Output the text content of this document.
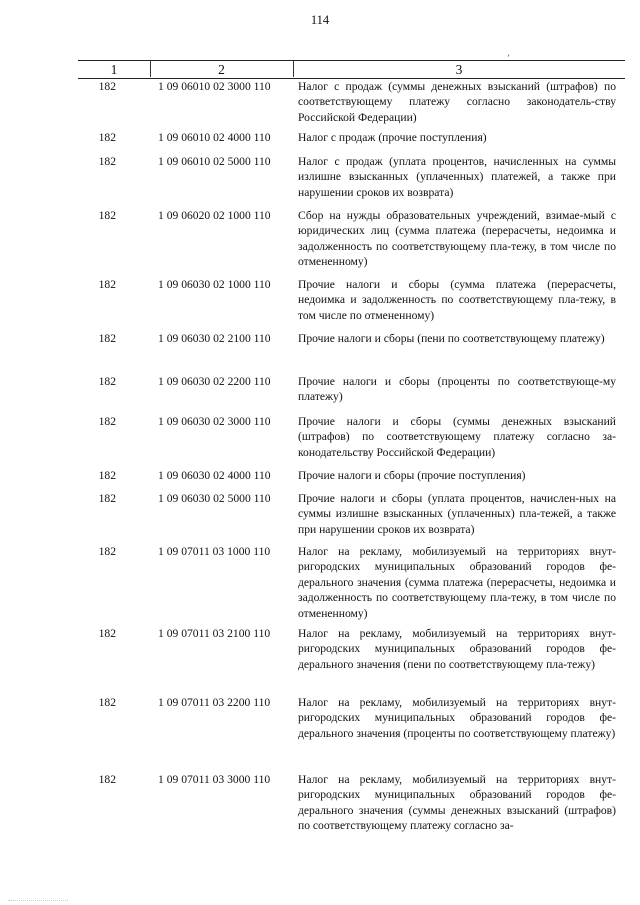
114
’
1	2	3
182	1 09 06010 02 3000 110	Налог с продаж (суммы денежных взысканий (штрафов) по соответствующему платежу согласно законодатель-ству Российской Федерации)
182	1 09 06010 02 4000 110	Налог с продаж (прочие поступления)
182	1 09 06010 02 5000 110	Налог с продаж (уплата процентов, начисленных на суммы излишне взысканных (уплаченных) платежей, а также при нарушении сроков их возврата)
182	1 09 06020 02 1000 110	Сбор на нужды образовательных учреждений, взимае-мый с юридических лиц (сумма платежа (перерасчеты, недоимка и задолженность по соответствующему пла-тежу, в том числе по отмененному)
182	1 09 06030 02 1000 110	Прочие налоги и сборы (сумма платежа (перерасчеты, недоимка и задолженность по соответствующему пла-тежу, в том числе по отмененному)
182	1 09 06030 02 2100 110	Прочие налоги и сборы (пени по соответствующему платежу)
182	1 09 06030 02 2200 110	Прочие налоги и сборы (проценты по соответствующе-му платежу)
182	1 09 06030 02 3000 110	Прочие налоги и сборы (суммы денежных взысканий (штрафов) по соответствующему платежу согласно за-конодательству Российской Федерации)
182	1 09 06030 02 4000 110	Прочие налоги и сборы (прочие поступления)
182	1 09 06030 02 5000 110	Прочие налоги и сборы (уплата процентов, начислен-ных на суммы излишне взысканных (уплаченных) пла-тежей, а также при нарушении сроков их возврата)
182	1 09 07011 03 1000 110	Налог на рекламу, мобилизуемый на территориях внут-ригородских муниципальных образований городов фе-дерального значения (сумма платежа (перерасчеты, недоимка и задолженность по соответствующему пла-тежу, в том числе по отмененному)
182	1 09 07011 03 2100 110	Налог на рекламу, мобилизуемый на территориях внут-ригородских муниципальных образований городов фе-дерального значения (пени по соответствующему пла-тежу)
182	1 09 07011 03 2200 110	Налог на рекламу, мобилизуемый на территориях внут-ригородских муниципальных образований городов фе-дерального значения (проценты по соответствующему платежу)
182	1 09 07011 03 3000 110	Налог на рекламу, мобилизуемый на территориях внут-ригородских муниципальных образований городов фе-дерального значения (суммы денежных взысканий (штрафов) по соответствующему платежу согласно за-
